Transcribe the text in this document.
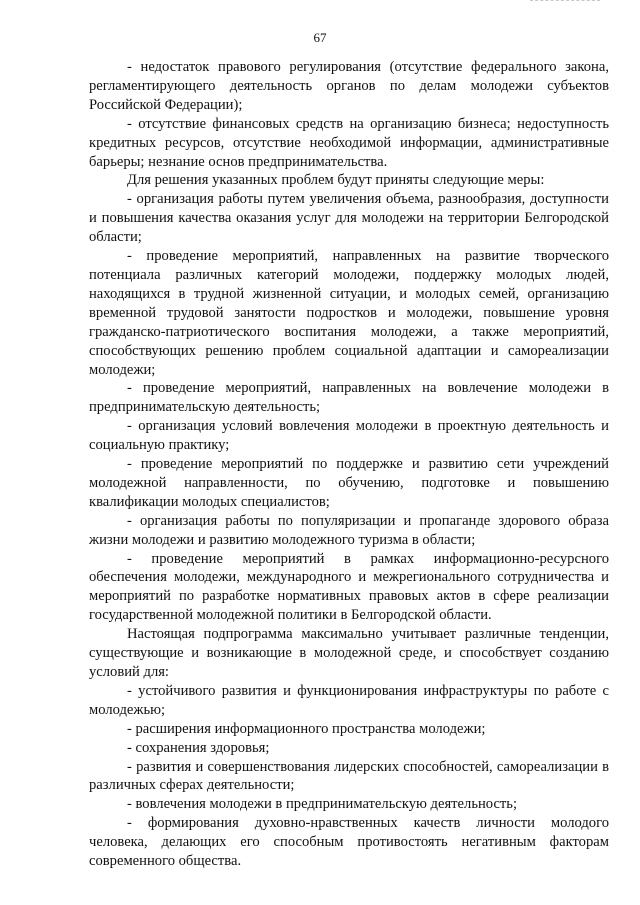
67

- недостаток правового регулирования (отсутствие федерального закона, регламентирующего деятельность органов по делам молодежи субъектов Российской Федерации);

- отсутствие финансовых средств на организацию бизнеса; недоступность кредитных ресурсов, отсутствие необходимой информации, административные барьеры; незнание основ предпринимательства.

Для решения указанных проблем будут приняты следующие меры:

- организация работы путем увеличения объема, разнообразия, доступности и повышения качества оказания услуг для молодежи на территории Белгородской области;

- проведение мероприятий, направленных на развитие творческого потенциала различных категорий молодежи, поддержку молодых людей, находящихся в трудной жизненной ситуации, и молодых семей, организацию временной трудовой занятости подростков и молодежи, повышение уровня гражданско-патриотического воспитания молодежи, а также мероприятий, способствующих решению проблем социальной адаптации и самореализации молодежи;

- проведение мероприятий, направленных на вовлечение молодежи в предпринимательскую деятельность;

- организация условий вовлечения молодежи в проектную деятельность и социальную практику;

- проведение мероприятий по поддержке и развитию сети учреждений молодежной направленности, по обучению, подготовке и повышению квалификации молодых специалистов;

- организация работы по популяризации и пропаганде здорового образа жизни молодежи и развитию молодежного туризма в области;

- проведение мероприятий в рамках информационно-ресурсного обеспечения молодежи, международного и межрегионального сотрудничества и мероприятий по разработке нормативных правовых актов в сфере реализации государственной молодежной политики в Белгородской области.

Настоящая подпрограмма максимально учитывает различные тенденции, существующие и возникающие в молодежной среде, и способствует созданию условий для:

- устойчивого развития и функционирования инфраструктуры по работе с молодежью;

- расширения информационного пространства молодежи;

- сохранения здоровья;

- развития и совершенствования лидерских способностей, самореализации в различных сферах деятельности;

- вовлечения молодежи в предпринимательскую деятельность;

- формирования духовно-нравственных качеств личности молодого человека, делающих его способным противостоять негативным факторам современного общества.
